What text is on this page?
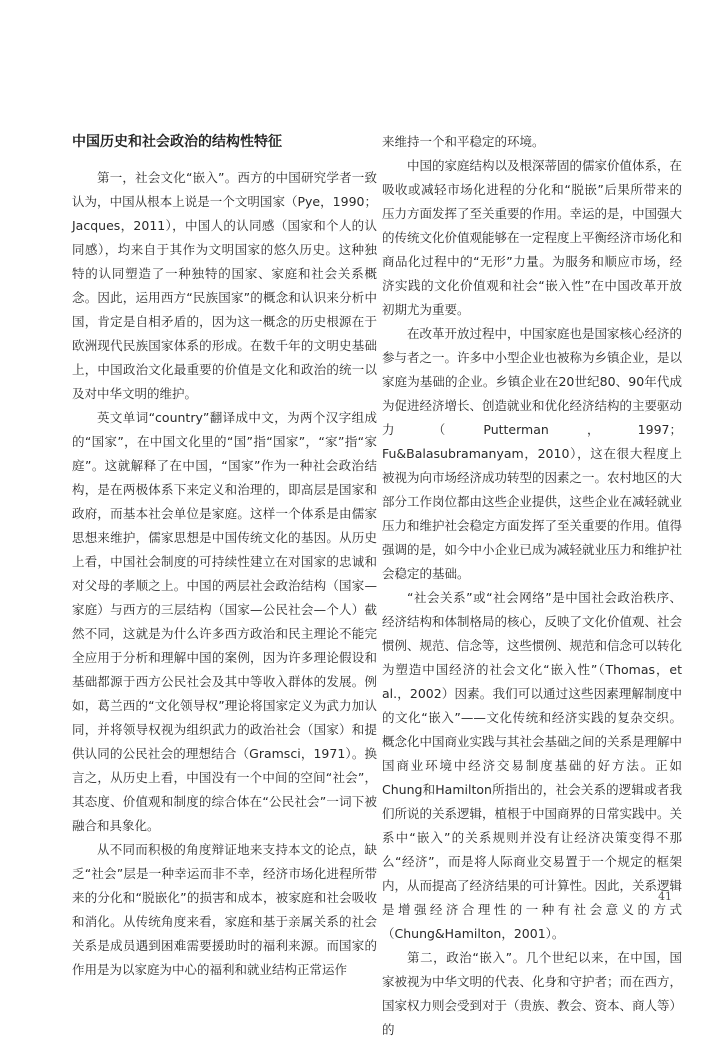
中国历史和社会政治的结构性特征

第一，社会文化“嵌入”。西方的中国研究学者一致认为，中国从根本上说是一个文明国家（Pye，1990；Jacques，2011），中国人的认同感（国家和个人的认同感），均来自于其作为文明国家的悠久历史。这种独特的认同塑造了一种独特的国家、家庭和社会关系概念。因此，运用西方“民族国家”的概念和认识来分析中国，肯定是自相矛盾的，因为这一概念的历史根源在于欧洲现代民族国家体系的形成。在数千年的文明史基础上，中国政治文化最重要的价值是文化和政治的统一以及对中华文明的维护。

英文单词“country”翻译成中文，为两个汉字组成的“国家”，在中国文化里的“国”指“国家”，“家”指“家庭”。这就解释了在中国，“国家”作为一种社会政治结构，是在两极体系下来定义和治理的，即高层是国家和政府，而基本社会单位是家庭。这样一个体系是由儒家思想来维护，儒家思想是中国传统文化的基因。从历史上看，中国社会制度的可持续性建立在对国家的忠诚和对父母的孝顺之上。中国的两层社会政治结构（国家—家庭）与西方的三层结构（国家—公民社会—个人）截然不同，这就是为什么许多西方政治和民主理论不能完全应用于分析和理解中国的案例，因为许多理论假设和基础都源于西方公民社会及其中等收入群体的发展。例如，葛兰西的“文化领导权”理论将国家定义为武力加认同，并将领导权视为组织武力的政治社会（国家）和提供认同的公民社会的理想结合（Gramsci，1971）。换言之，从历史上看，中国没有一个中间的空间“社会”，其态度、价值观和制度的综合体在“公民社会”一词下被融合和具象化。

从不同而积极的角度辩证地来支持本文的论点，缺乏“社会”层是一种幸运而非不幸，经济市场化进程所带来的分化和“脱嵌化”的损害和成本，被家庭和社会吸收和消化。从传统角度来看，家庭和基于亲属关系的社会关系是成员遇到困难需要援助时的福利来源。而国家的作用是为以家庭为中心的福利和就业结构正常运作

来维持一个和平稳定的环境。

中国的家庭结构以及根深蒂固的儒家价值体系，在吸收或减轻市场化进程的分化和“脱嵌”后果所带来的压力方面发挥了至关重要的作用。幸运的是，中国强大的传统文化价值观能够在一定程度上平衡经济市场化和商品化过程中的“无形”力量。为服务和顺应市场，经济实践的文化价值观和社会“嵌入性”在中国改革开放初期尤为重要。

在改革开放过程中，中国家庭也是国家核心经济的参与者之一。许多中小型企业也被称为乡镇企业，是以家庭为基础的企业。乡镇企业在20世纪80、90年代成为促进经济增长、创造就业和优化经济结构的主要驱动力（Putterman，1997；Fu&Balasubramanyam，2010），这在很大程度上被视为向市场经济成功转型的因素之一。农村地区的大部分工作岗位都由这些企业提供，这些企业在减轻就业压力和维护社会稳定方面发挥了至关重要的作用。值得强调的是，如今中小企业已成为减轻就业压力和维护社会稳定的基础。

“社会关系”或“社会网络”是中国社会政治秩序、经济结构和体制格局的核心，反映了文化价值观、社会惯例、规范、信念等，这些惯例、规范和信念可以转化为塑造中国经济的社会文化“嵌入性”（Thomas，et al.，2002）因素。我们可以通过这些因素理解制度中的文化“嵌入”——文化传统和经济实践的复杂交织。概念化中国商业实践与其社会基础之间的关系是理解中国商业环境中经济交易制度基础的好方法。正如Chung和Hamilton所指出的，社会关系的逻辑或者我们所说的关系逻辑，植根于中国商界的日常实践中。关系中“嵌入”的关系规则并没有让经济决策变得不那么“经济”，而是将人际商业交易置于一个规定的框架内，从而提高了经济结果的可计算性。因此，关系逻辑是增强经济合理性的一种有社会意义的方式（Chung&Hamilton，2001）。

第二，政治“嵌入”。几个世纪以来，在中国，国家被视为中华文明的代表、化身和守护者；而在西方，国家权力则会受到对于（贵族、教会、资本、商人等）的

41
